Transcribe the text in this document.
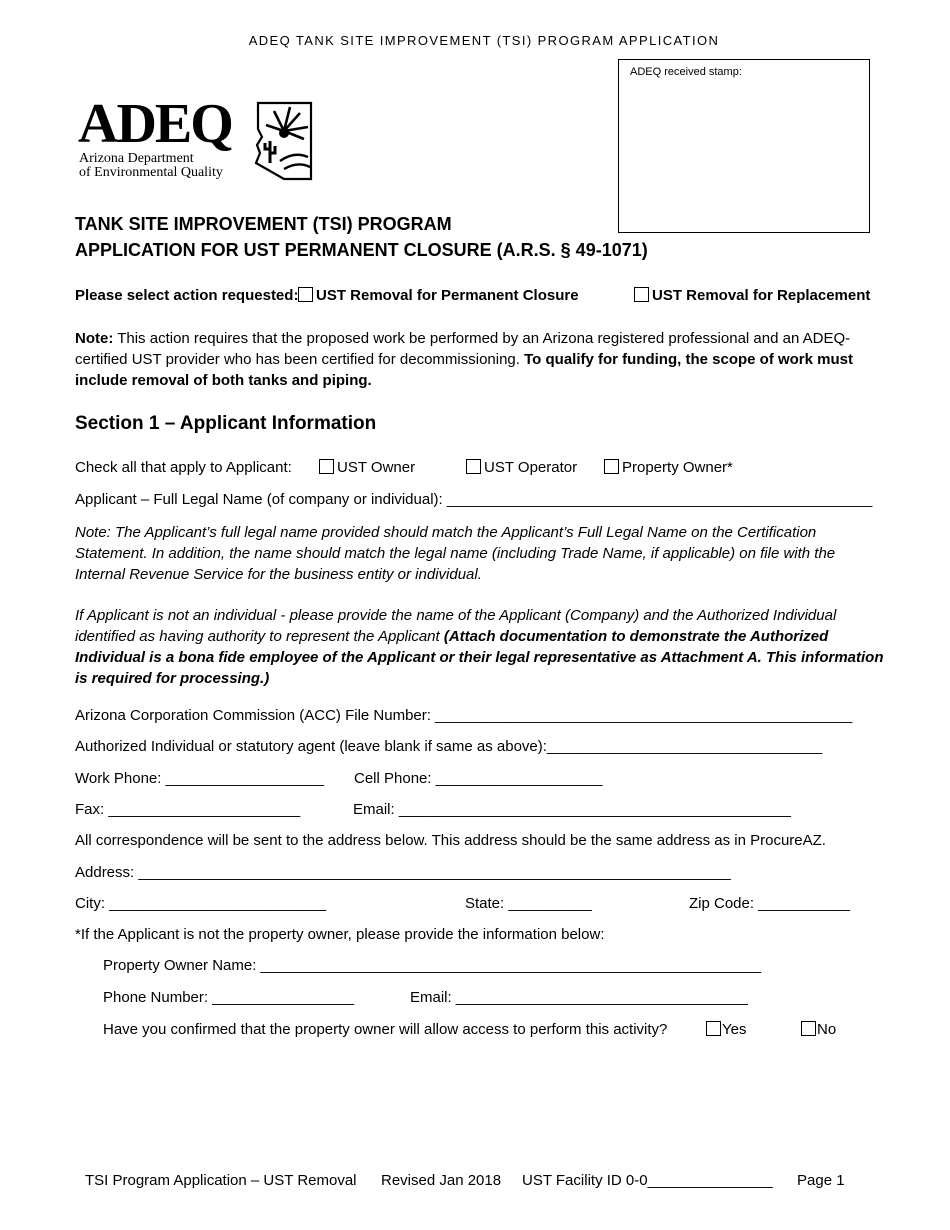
ADEQ TANK SITE IMPROVEMENT (TSI) PROGRAM APPLICATION
ADEQ received stamp:
ADEQ
Arizona Department
of Environmental Quality
TANK SITE IMPROVEMENT (TSI) PROGRAM
APPLICATION FOR UST PERMANENT CLOSURE (A.R.S. § 49-1071)
Please select action requested:	UST Removal for Permanent Closure	UST Removal for Replacement
Note: This action requires that the proposed work be performed by an Arizona registered professional and an ADEQ-certified UST provider who has been certified for decommissioning. To qualify for funding, the scope of work must include removal of both tanks and piping.
Section 1 – Applicant Information
Check all that apply to Applicant:	UST Owner	UST Operator	Property Owner*
Applicant – Full Legal Name (of company or individual): ___________________________________________________
Note: The Applicant’s full legal name provided should match the Applicant’s Full Legal Name on the Certification Statement. In addition, the name should match the legal name (including Trade Name, if applicable) on file with the Internal Revenue Service for the business entity or individual.
If Applicant is not an individual - please provide the name of the Applicant (Company) and the Authorized Individual identified as having authority to represent the Applicant (Attach documentation to demonstrate the Authorized Individual is a bona fide employee of the Applicant or their legal representative as Attachment A. This information is required for processing.)
Arizona Corporation Commission (ACC) File Number: __________________________________________________
Authorized Individual or statutory agent (leave blank if same as above):_________________________________
Work Phone: ___________________ Cell Phone: ____________________
Fax: _______________________	Email: _______________________________________________
All correspondence will be sent to the address below. This address should be the same address as in ProcureAZ.
Address: _______________________________________________________________________
City: __________________________	State: __________	Zip Code: ___________
*If the Applicant is not the property owner, please provide the information below:
Property Owner Name: ____________________________________________________________
Phone Number: _________________	Email: ___________________________________
Have you confirmed that the property owner will allow access to perform this activity?	Yes	No
TSI Program Application – UST Removal Revised Jan 2018 UST Facility ID 0-0_______________ Page 1
